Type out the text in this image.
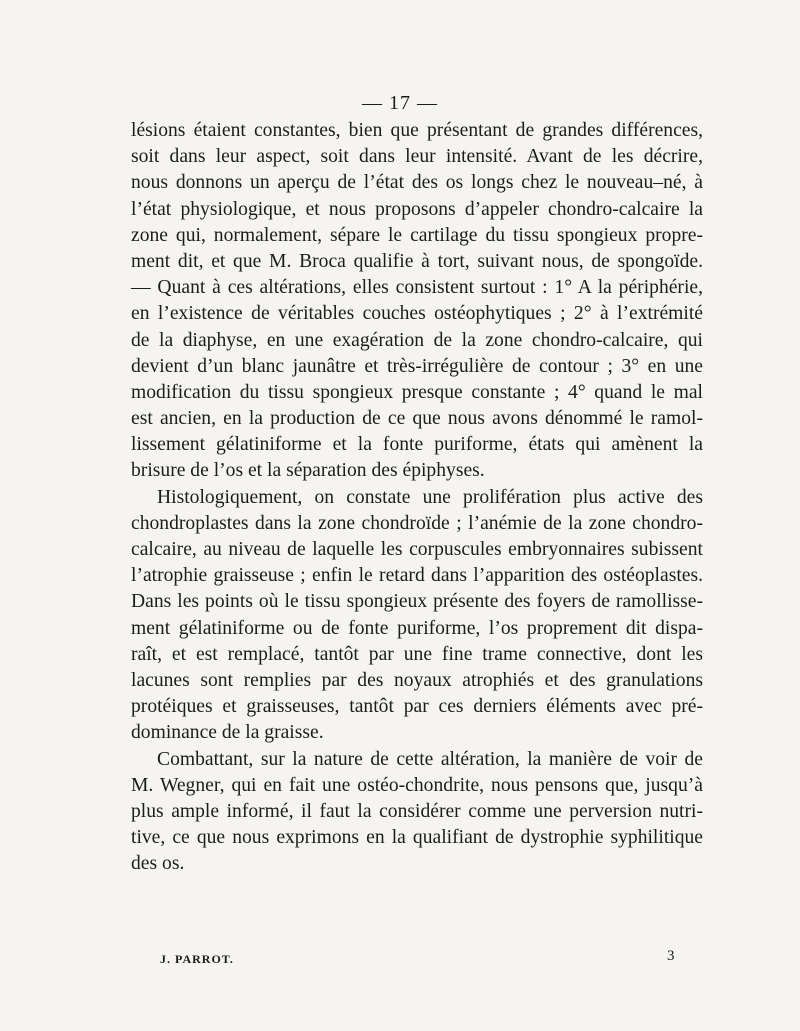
— 17 —
lésions étaient constantes, bien que présentant de grandes différences,
soit dans leur aspect, soit dans leur intensité. Avant de les décrire,
nous donnons un aperçu de l’état des os longs chez le nouveau–né, à
l’état physiologique, et nous proposons d’appeler chondro-calcaire la
zone qui, normalement, sépare le cartilage du tissu spongieux propre-
ment dit, et que M. Broca qualifie à tort, suivant nous, de spongoïde.
— Quant à ces altérations, elles consistent surtout : 1° A la périphérie,
en l’existence de véritables couches ostéophytiques ; 2° à l’extrémité
de la diaphyse, en une exagération de la zone chondro-calcaire, qui
devient d’un blanc jaunâtre et très-irrégulière de contour ; 3° en une
modification du tissu spongieux presque constante ; 4° quand le mal
est ancien, en la production de ce que nous avons dénommé le ramol-
lissement gélatiniforme et la fonte puriforme, états qui amènent la
brisure de l’os et la séparation des épiphyses.
Histologiquement, on constate une prolifération plus active des
chondroplastes dans la zone chondroïde ; l’anémie de la zone chondro-
calcaire, au niveau de laquelle les corpuscules embryonnaires subissent
l’atrophie graisseuse ; enfin le retard dans l’apparition des ostéoplastes.
Dans les points où le tissu spongieux présente des foyers de ramollisse-
ment gélatiniforme ou de fonte puriforme, l’os proprement dit dispa-
raît, et est remplacé, tantôt par une fine trame connective, dont les
lacunes sont remplies par des noyaux atrophiés et des granulations
protéiques et graisseuses, tantôt par ces derniers éléments avec pré-
dominance de la graisse.
Combattant, sur la nature de cette altération, la manière de voir de
M. Wegner, qui en fait une ostéo-chondrite, nous pensons que, jusqu’à
plus ample informé, il faut la considérer comme une perversion nutri-
tive, ce que nous exprimons en la qualifiant de dystrophie syphilitique
des os.
J. PARROT.	3
